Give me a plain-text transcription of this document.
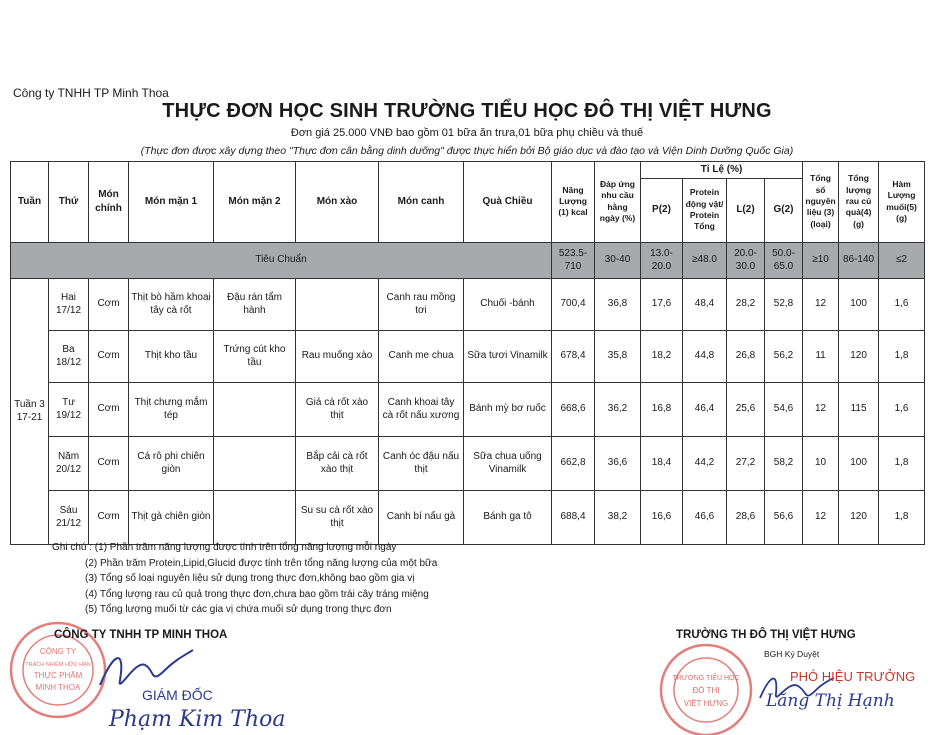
Công ty TNHH TP Minh Thoa
THỰC ĐƠN HỌC SINH TRƯỜNG TIỂU HỌC ĐÔ THỊ VIỆT HƯNG
Đơn giá 25.000 VNĐ bao gồm 01 bữa ăn trưa,01 bữa phụ chiều và thuế
(Thực đơn được xây dựng theo "Thực đơn cân bằng dinh dưỡng" được thực hiển bởi Bộ giáo dục và đào tạo và Viện Dinh Dưỡng Quốc Gia)
Tuần	Thứ	Món chính	Món mặn 1	Món mặn 2	Món xào	Món canh	Quà Chiều	Năng Lượng (1) kcal	Đáp ứng nhu cầu hằng ngày (%)	Tỉ Lệ (%)				Tổng số nguyên liệu (3) (loại)	Tổng lượng rau củ quả(4) (g)	Hàm Lượng muối(5) (g)
										P(2)	Protein động vật/ Protein Tổng	L(2)	G(2)			
Tiêu Chuẩn								523.5-710	30-40	13.0-20.0	≥48.0	20.0-30.0	50.0-65.0	≥10	86-140	≤2
Tuần 3 17-21	Hai 17/12	Cơm	Thịt bò hầm khoai tây cà rốt	Đậu rán tẩm hành		Canh rau mồng tơi	Chuối -bánh	700,4	36,8	17,6	48,4	28,2	52,8	12	100	1,6
	Ba 18/12	Cơm	Thịt kho tầu	Trứng cút kho tầu	Rau muống xào	Canh me chua	Sữa tươi Vinamilk	678,4	35,8	18,2	44,8	26,8	56,2	11	120	1,8
	Tư 19/12	Cơm	Thịt chưng mắm tép		Giá cà rốt xào thịt	Canh khoai tây cà rốt nấu xương	Bánh mỳ bơ ruốc	668,6	36,2	16,8	46,4	25,6	54,6	12	115	1,6
	Năm 20/12	Cơm	Cá rô phi chiên giòn		Bắp cải cà rốt xào thịt	Canh óc đậu nấu thịt	Sữa chua uống Vinamilk	662,8	36,6	18,4	44,2	27,2	58,2	10	100	1,8
	Sáu 21/12	Cơm	Thịt gà chiên giòn		Su su cà rốt xào thịt	Canh bí nấu gà	Bánh ga tô	688,4	38,2	16,6	46,6	28,6	56,6	12	120	1,8
Ghi chú : (1) Phần trăm năng lượng được tính trên tổng năng lượng mỗi ngày
(2) Phần trăm Protein,Lipid,Glucid được tính trên tổng năng lượng của một bữa
(3) Tổng số loại nguyên liệu sử dụng trong thực đơn,không bao gồm gia vị
(4) Tổng lượng rau củ quả trong thực đơn,chưa bao gồm trái cây tráng miệng
(5) Tổng lượng muối từ các gia vị chứa muối sử dụng trong thực đơn
CÔNG TY
TRÁCH NHIỆM HỮU HẠN
THỰC PHẨM
MINH THOA
CÔNG TY TNHH TP MINH THOA
GIÁM ĐỐC
Phạm Kim Thoa
TRƯỜNG TIỂU HỌC
ĐÔ THỊ
VIỆT HƯNG
TRƯỜNG TH ĐÔ THỊ VIỆT HƯNG
BGH Ký Duyệt
PHÓ HIỆU TRƯỞNG
Lăng Thị Hạnh
